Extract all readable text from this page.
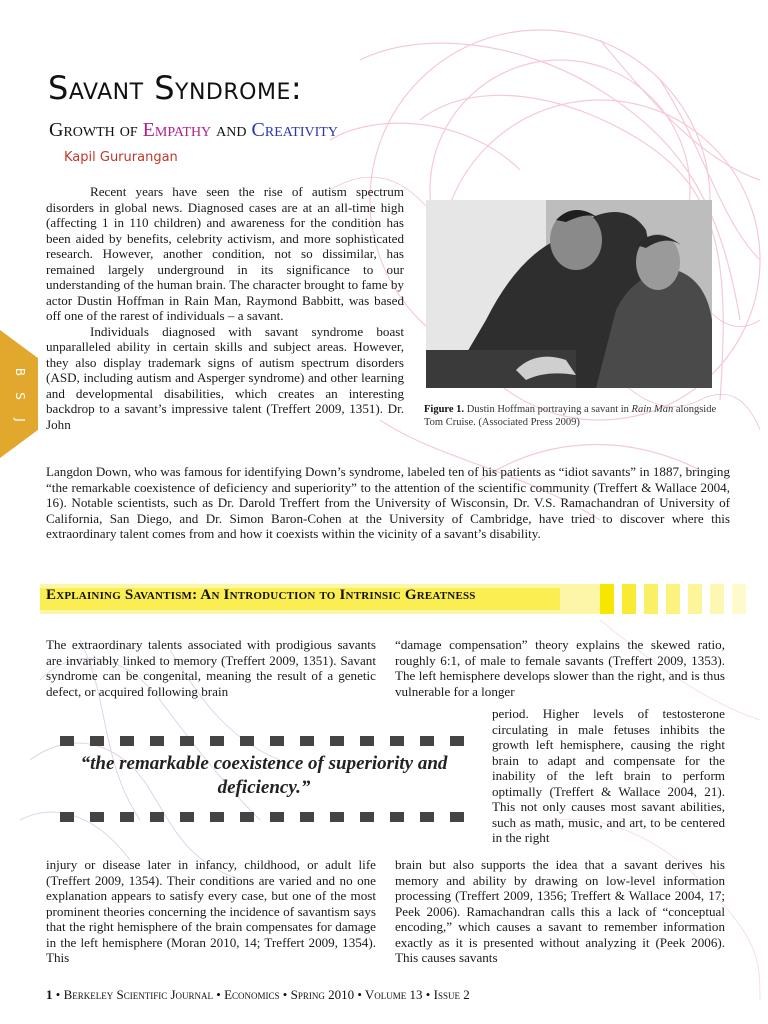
Savant Syndrome:
Growth of Empathy and Creativity

Kapil Gururangan

B
S
J

Recent years have seen the rise of autism spectrum disorders in global news. Diagnosed cases are at an all-time high (affecting 1 in 110 children) and awareness for the condition has been aided by benefits, celebrity activism, and more sophisticated research. However, another condition, not so dissimilar, has remained largely underground in its significance to our understanding of the human brain. The character brought to fame by actor Dustin Hoffman in Rain Man, Raymond Babbitt, was based off one of the rarest of individuals – a savant.

Individuals diagnosed with savant syndrome boast unparalleled ability in certain skills and subject areas. However, they also display trademark signs of autism spectrum disorders (ASD, including autism and Asperger syndrome) and other learning and developmental disabilities, which creates an interesting backdrop to a savant’s impressive talent (Treffert 2009, 1351). Dr. John

Figure 1. Dustin Hoffman portraying a savant in Rain Man alongside Tom Cruise. (Associated Press 2009)

Langdon Down, who was famous for identifying Down’s syndrome, labeled ten of his patients as “idiot savants” in 1887, bringing “the remarkable coexistence of deficiency and superiority” to the attention of the scientific community (Treffert & Wallace 2004, 16). Notable scientists, such as Dr. Darold Treffert from the University of Wisconsin, Dr. V.S. Ramachandran of University of California, San Diego, and Dr. Simon Baron-Cohen at the University of Cambridge, have tried to discover where this extraordinary talent comes from and how it coexists within the vicinity of a savant’s disability.

Explaining Savantism: An Introduction to Intrinsic Greatness

The extraordinary talents associated with prodigious savants are invariably linked to memory (Treffert 2009, 1351). Savant syndrome can be congenital, meaning the result of a genetic defect, or acquired following brain

“the remarkable coexistence of superiority and deficiency.”

injury or disease later in infancy, childhood, or adult life (Treffert 2009, 1354). Their conditions are varied and no one explanation appears to satisfy every case, but one of the most prominent theories concerning the incidence of savantism says that the right hemisphere of the brain compensates for damage in the left hemisphere (Moran 2010, 14; Treffert 2009, 1354). This

“damage compensation” theory explains the skewed ratio, roughly 6:1, of male to female savants (Treffert 2009, 1353). The left hemisphere develops slower than the right, and is thus vulnerable for a longer

period. Higher levels of testosterone circulating in male fetuses inhibits the growth left hemisphere, causing the right brain to adapt and compensate for the inability of the left brain to perform optimally (Treffert & Wallace 2004, 21). This not only causes most savant abilities, such as math, music, and art, to be centered in the right

brain but also supports the idea that a savant derives his memory and ability by drawing on low-level information processing (Treffert 2009, 1356; Treffert & Wallace 2004, 17; Peek 2006). Ramachandran calls this a lack of “conceptual encoding,” which causes a savant to remember information exactly as it is presented without analyzing it (Peek 2006). This causes savants

1 • Berkeley Scientific Journal • Economics • Spring 2010 • Volume 13 • Issue 2
